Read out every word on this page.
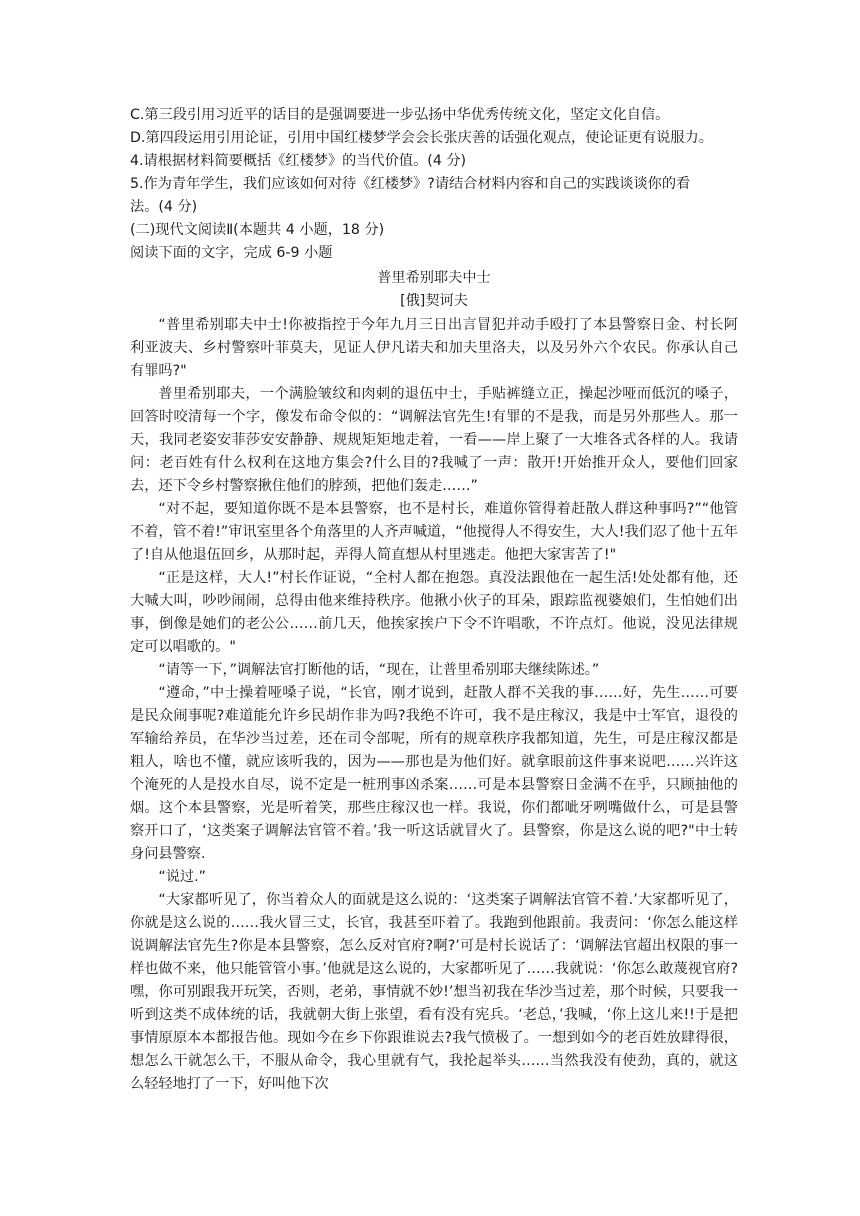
C.第三段引用习近平的话目的是强调要进一步弘扬中华优秀传统文化，坚定文化自信。
D.第四段运用引用论证，引用中国红楼梦学会会长张庆善的话强化观点，使论证更有说服力。
4.请根据材料简要概括《红楼梦》的当代价值。(4 分)
5.作为青年学生，我们应该如何对待《红楼梦》?请结合材料内容和自己的实践谈谈你的看
法。(4 分)
(二)现代文阅读Ⅱ(本题共 4 小题，18 分)
阅读下面的文字，完成 6-9 小题
普里希别耶夫中士
[俄]契诃夫

“普里希别耶夫中士!你被指控于今年九月三日出言冒犯并动手殴打了本县警察日金、村长阿利亚波夫、乡村警察叶菲莫夫，见证人伊凡诺夫和加夫里洛夫，以及另外六个农民。你承认自己有罪吗?"

普里希别耶夫，一个满脸皱纹和肉刺的退伍中士，手贴裤缝立正，操起沙哑而低沉的嗓子，回答时咬清每一个字，像发布命令似的：“调解法官先生!有罪的不是我，而是另外那些人。那一天，我同老姿安菲莎安安静静、规规矩矩地走着，一看——岸上聚了一大堆各式各样的人。我请问：老百姓有什么权利在这地方集会?什么目的?我喊了一声：散开!开始推开众人，要他们回家去，还下令乡村警察揪住他们的脖颈，把他们轰走……”

“对不起，要知道你既不是本县警察，也不是村长，难道你管得着赶散人群这种事吗?”“他管不着，管不着!”审讯室里各个角落里的人齐声喊道，“他搅得人不得安生，大人!我们忍了他十五年了!自从他退伍回乡，从那时起，弄得人简直想从村里逃走。他把大家害苦了!"

“正是这样，大人!”村长作证说，“全村人都在抱怨。真没法跟他在一起生活!处处都有他，还大喊大叫，吵吵闹闹，总得由他来维持秩序。他揪小伙子的耳朵，跟踪监视婆娘们，生怕她们出事，倒像是她们的老公公……前几天，他挨家挨户下令不许唱歌，不许点灯。他说，没见法律规定可以唱歌的。"

“请等一下，”调解法官打断他的话，“现在，让普里希别耶夫继续陈述。”

“遵命，”中士操着哑嗓子说，“长官，刚才说到，赶散人群不关我的事……好，先生……可要是民众闹事呢?难道能允许乡民胡作非为吗?我绝不许可，我不是庄稼汉，我是中士军官，退役的军输给养员，在华沙当过差，还在司令部呢，所有的规章秩序我都知道，先生，可是庄稼汉都是粗人，啥也不懂，就应该听我的，因为——那也是为他们好。就拿眼前这件事来说吧……兴许这个淹死的人是投水自尽，说不定是一桩刑事凶杀案……可是本县警察日金满不在乎，只顾抽他的烟。这个本县警察，光是听着笑，那些庄稼汉也一样。我说，你们都呲牙咧嘴做什么，可是县警察开口了，‘这类案子调解法官管不着。’我一听这话就冒火了。县警察，你是这么说的吧?"中士转身问县警察.

“说过.”

“大家都听见了，你当着众人的面就是这么说的：‘这类案子调解法官管不着.’大家都听见了，你就是这么说的……我火冒三丈，长官，我甚至吓着了。我跑到他跟前。我责问：‘你怎么能这样说调解法官先生?你是本县警察，怎么反对官府?啊?’可是村长说话了：‘调解法官超出权限的事一样也做不来，他只能管管小事。’他就是这么说的，大家都听见了……我就说：‘你怎么敢蔑视官府?嘿，你可别跟我开玩笑，否则，老弟，事情就不妙!’想当初我在华沙当过差，那个时候，只要我一听到这类不成体统的话，我就朝大街上张望，看有没有宪兵。‘老总，’我喊，‘你上这儿来!!于是把事情原原本本都报告他。现如今在乡下你跟谁说去?我气愤极了。一想到如今的老百姓放肆得很，想怎么干就怎么干，不服从命令，我心里就有气，我抡起举头……当然我没有使劲，真的，就这么轻轻地打了一下，好叫他下次
